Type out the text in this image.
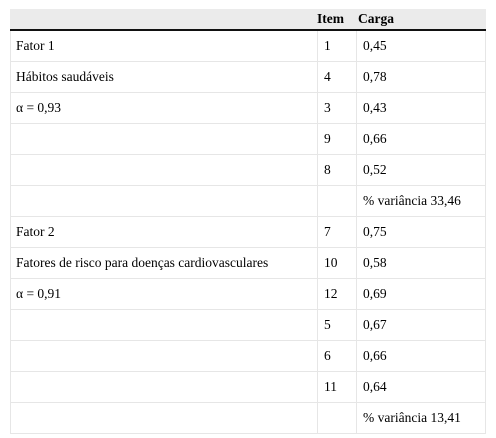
	Item	Carga
Fator 1	1	0,45
Hábitos saudáveis	4	0,78
α = 0,93	3	0,43
	9	0,66
	8	0,52
		% variância 33,46
Fator 2	7	0,75
Fatores de risco para doenças cardiovasculares	10	0,58
α = 0,91	12	0,69
	5	0,67
	6	0,66
	11	0,64
		% variância 13,41
